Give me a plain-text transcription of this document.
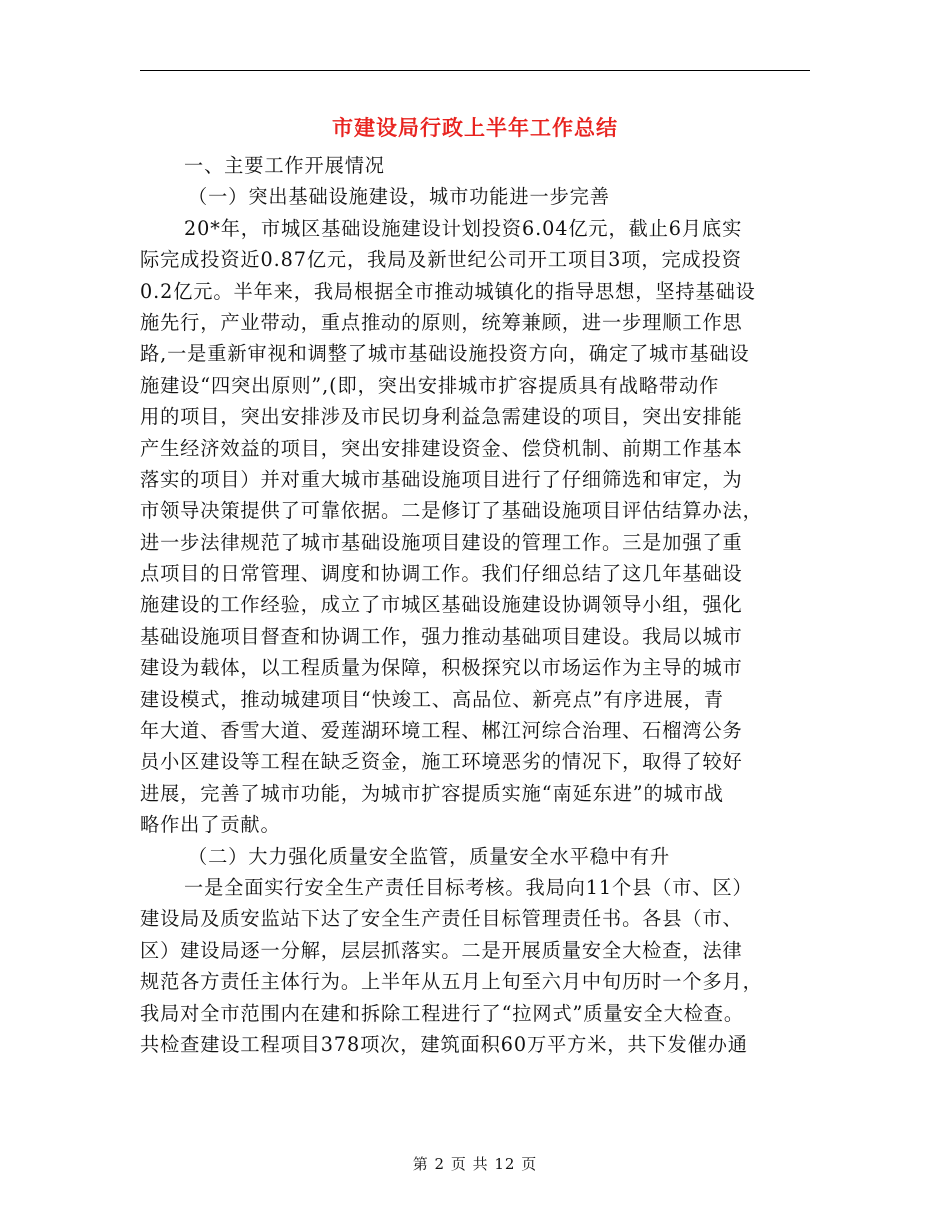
市建设局行政上半年工作总结
一、主要工作开展情况
（一）突出基础设施建设，城市功能进一步完善
20*年，市城区基础设施建设计划投资6.04亿元，截止6月底实
际完成投资近0.87亿元，我局及新世纪公司开工项目3项，完成投资
0.2亿元。半年来，我局根据全市推动城镇化的指导思想，坚持基础设
施先行，产业带动，重点推动的原则，统筹兼顾，进一步理顺工作思
路,一是重新审视和调整了城市基础设施投资方向，确定了城市基础设
施建设“四突出原则”,(即，突出安排城市扩容提质具有战略带动作
用的项目，突出安排涉及市民切身利益急需建设的项目，突出安排能
产生经济效益的项目，突出安排建设资金、偿贷机制、前期工作基本
落实的项目）并对重大城市基础设施项目进行了仔细筛选和审定，为
市领导决策提供了可靠依据。二是修订了基础设施项目评估结算办法，
进一步法律规范了城市基础设施项目建设的管理工作。三是加强了重
点项目的日常管理、调度和协调工作。我们仔细总结了这几年基础设
施建设的工作经验，成立了市城区基础设施建设协调领导小组，强化
基础设施项目督查和协调工作，强力推动基础项目建设。我局以城市
建设为载体，以工程质量为保障，积极探究以市场运作为主导的城市
建设模式，推动城建项目“快竣工、高品位、新亮点”有序进展，青
年大道、香雪大道、爱莲湖环境工程、郴江河综合治理、石榴湾公务
员小区建设等工程在缺乏资金，施工环境恶劣的情况下，取得了较好
进展，完善了城市功能，为城市扩容提质实施“南延东进”的城市战
略作出了贡献。
（二）大力强化质量安全监管，质量安全水平稳中有升
一是全面实行安全生产责任目标考核。我局向11个县（市、区）
建设局及质安监站下达了安全生产责任目标管理责任书。各县（市、
区）建设局逐一分解，层层抓落实。二是开展质量安全大检查，法律
规范各方责任主体行为。上半年从五月上旬至六月中旬历时一个多月，
我局对全市范围内在建和拆除工程进行了“拉网式”质量安全大检查。
共检查建设工程项目378项次，建筑面积60万平方米，共下发催办通
第 2 页 共 12 页
